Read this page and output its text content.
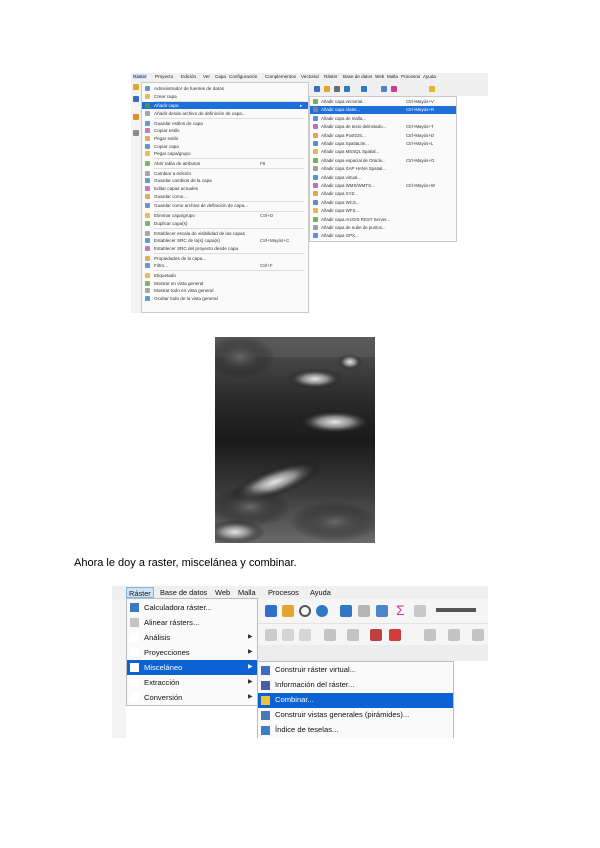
Ráster Proyecto Edición Ver Capa Configuración Complementos Vectorial Ráster Base de datos Web Malla Procesos Ayuda
Administrador de fuentes de datos
Crear capa
Añadir capa	▸
Añadir desde archivo de definición de capa...
Guardar estilos de capa
Copiar estilo
Pegar estilo
Copiar capa
Pegar capa/grupo
Abrir tabla de atributos	F6
Cambiar a edición
Guardar cambios de la capa
Editar capas actuales
Guardar como...
Guardar como archivo de definición de capa...
Eliminar capa/grupo	Ctrl+D
Duplicar capa(s)
Establecer escala de visibilidad de las capas
Establecer SRC de la(s) capa(s)	Ctrl+Mayús+C
Establecer SRC del proyecto desde capa
Propiedades de la capa...
Filtro...	Ctrl+F
Etiquetado
Mostrar en vista general
Mostrar todo en vista general
Ocultar todo de la vista general
Añadir capa vectorial...	Ctrl+Mayús+V
Añadir capa ráster...	Ctrl+Mayús+R
Añadir capa de malla...
Añadir capa de texto delimitado...	Ctrl+Mayús+T
Añadir capa PostGIS...	Ctrl+Mayús+D
Añadir capa SpatiaLite...	Ctrl+Mayús+L
Añadir capa MSSQL Spatial...
Añadir capa espacial de Oracle...	Ctrl+Mayús+O
Añadir capa SAP HANA Spatial...
Añadir capa virtual...
Añadir capa WMS/WMTS...	Ctrl+Mayús+W
Añadir capa XYZ...
Añadir capa WCS...
Añadir capa WFS...
Añadir capa ArcGIS REST Server...
Añadir capa de nube de puntos...
Añadir capa GPX...
Ahora le doy a raster, miscelánea y combinar.
Ráster	Base de datos Web Malla Procesos Ayuda
Σ
Calculadora ráster...
Alinear rásters...
Análisis	▶
Proyecciones	▶
Misceláneo	▶
Extracción	▶
Conversión	▶
Construir ráster virtual...
Información del ráster...
Combinar...
Construir vistas generales (pirámides)...
Índice de teselas...
